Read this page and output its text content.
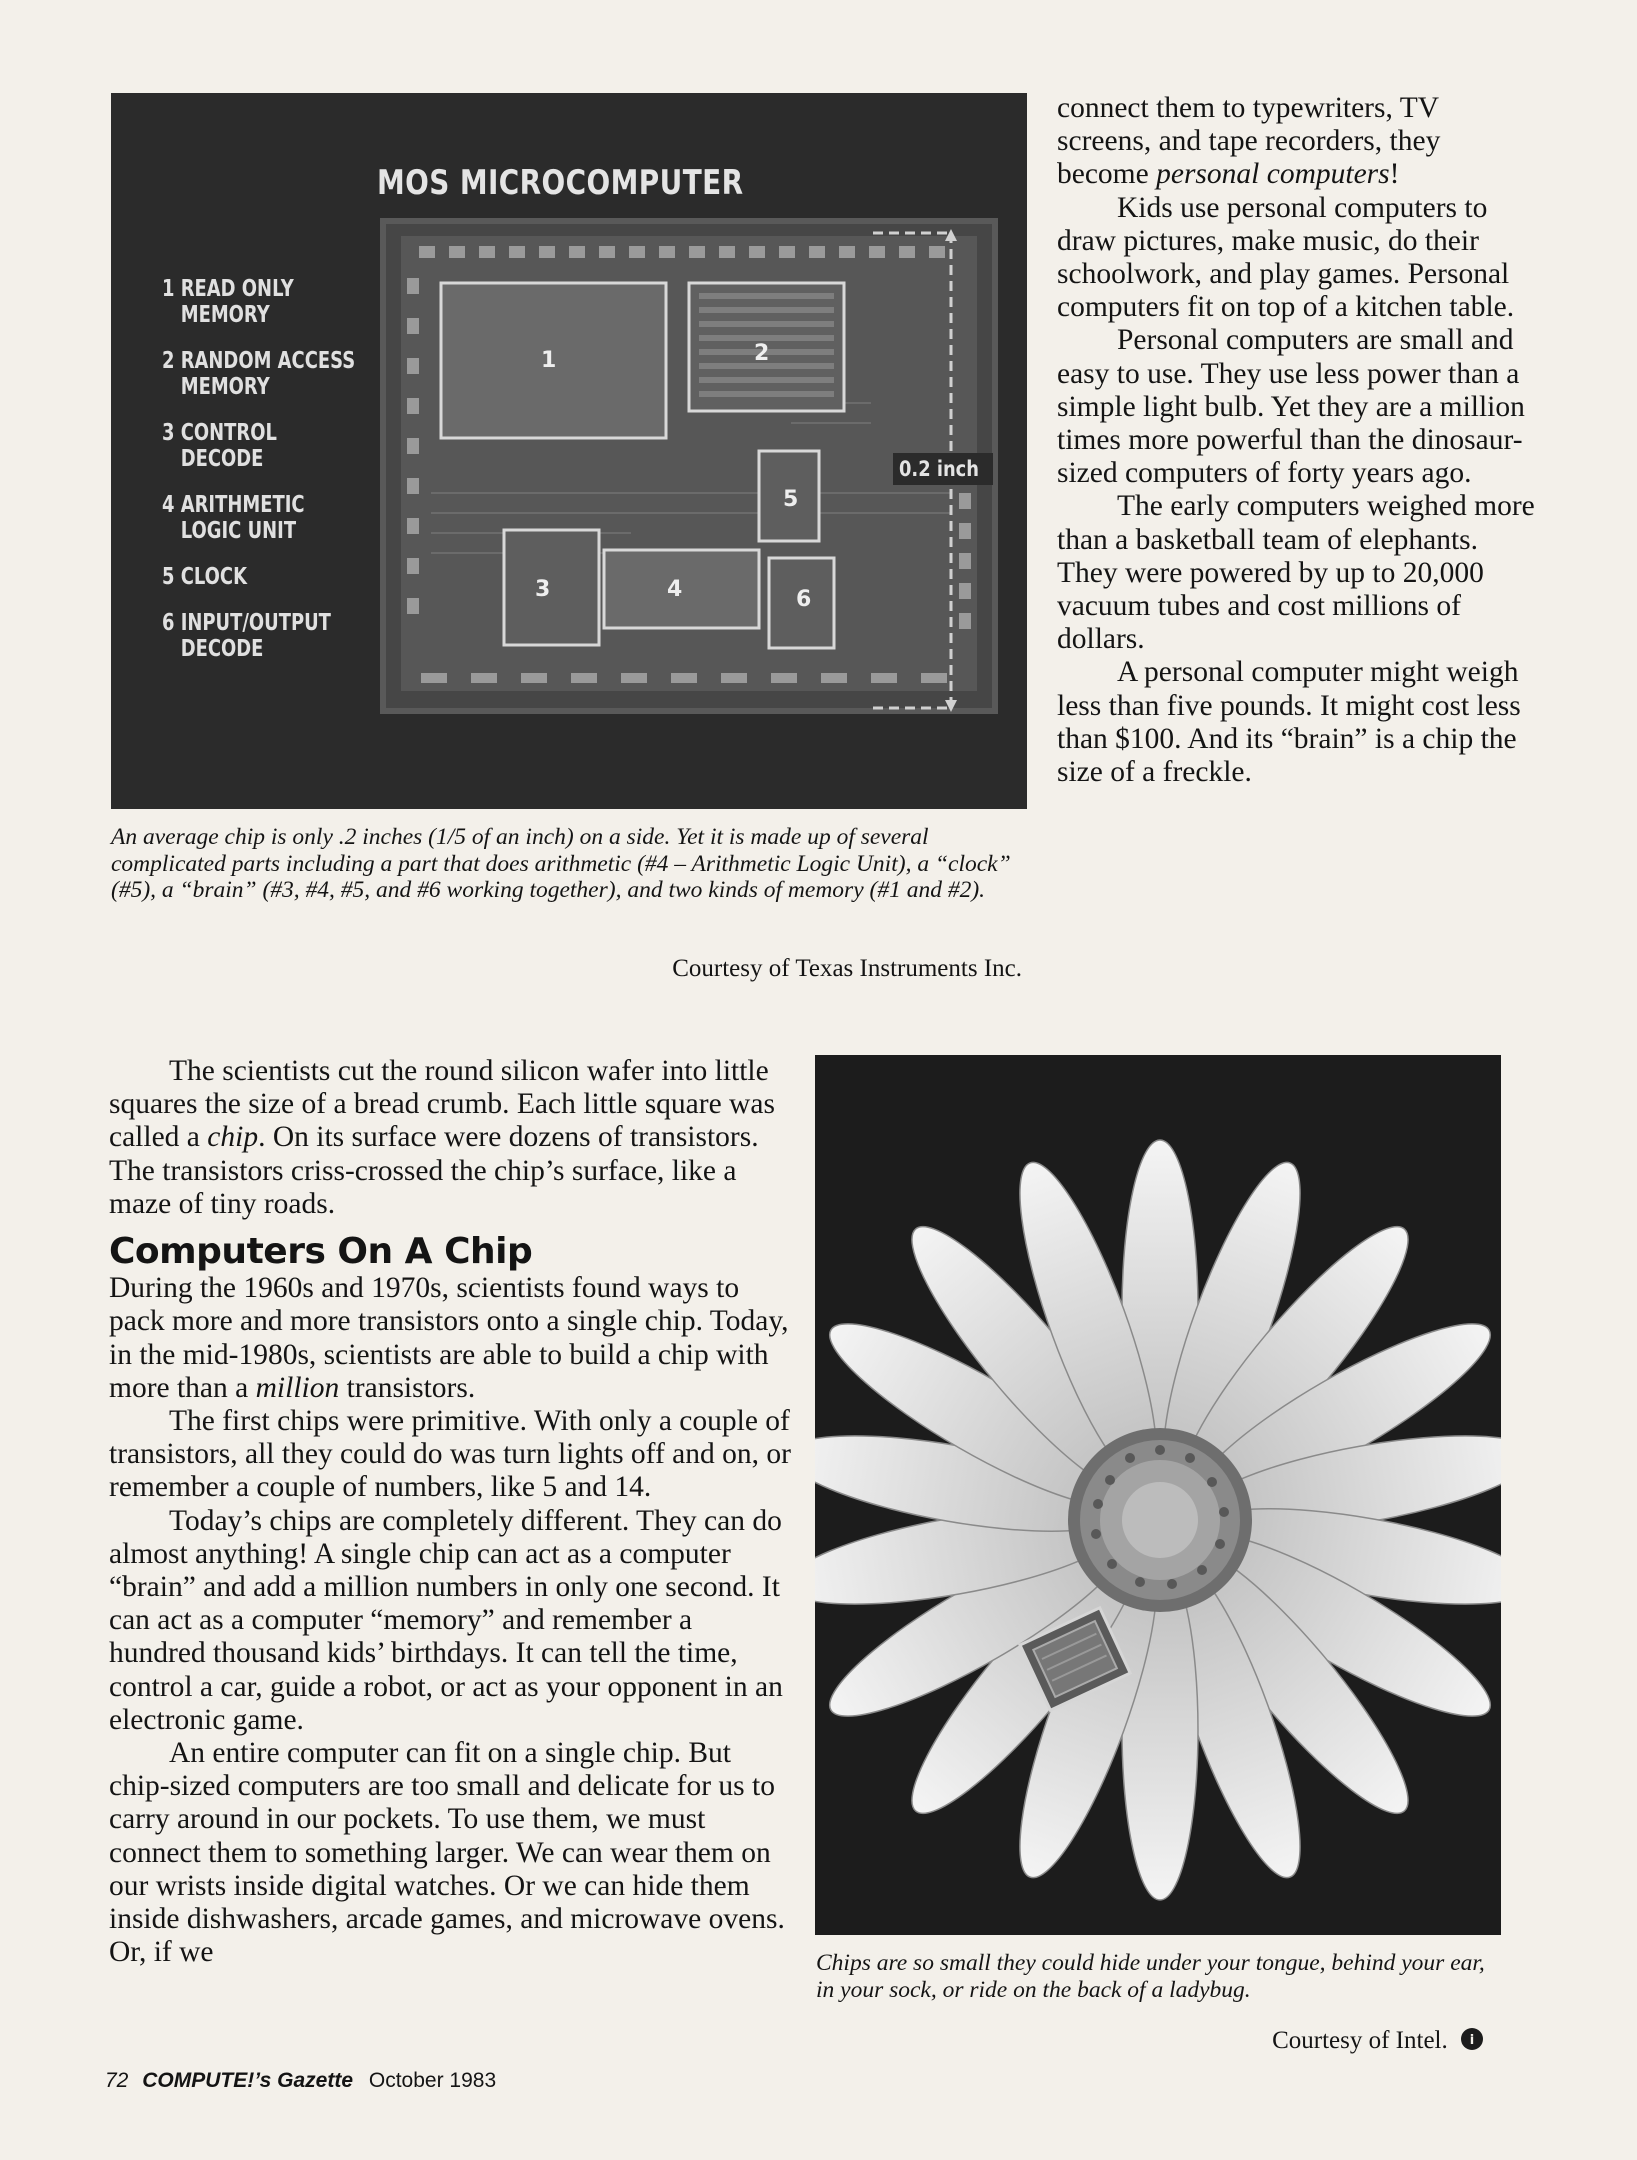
MOS MICROCOMPUTER
1 READ ONLY
MEMORY
2 RANDOM ACCESS
MEMORY
3 CONTROL
DECODE
4 ARITHMETIC
LOGIC UNIT
5 CLOCK
6 INPUT/OUTPUT
DECODE
1	2
3	4
5
6
0.2 inch
An average chip is only .2 inches (1/5 of an inch) on a side. Yet it is made up of several complicated parts including a part that does arithmetic (#4 – Arithmetic Logic Unit), a “clock” (#5), a “brain” (#3, #4, #5, and #6 working together), and two kinds of memory (#1 and #2).
Courtesy of Texas Instruments Inc.

connect them to typewriters, TV screens, and tape recorders, they become personal computers!

Kids use personal computers to draw pictures, make music, do their schoolwork, and play games. Personal computers fit on top of a kitchen table.

Personal computers are small and easy to use. They use less power than a simple light bulb. Yet they are a million times more powerful than the dinosaur-sized computers of forty years ago.

The early computers weighed more than a basketball team of elephants. They were powered by up to 20,000 vacuum tubes and cost millions of dollars.

A personal computer might weigh less than five pounds. It might cost less than $100. And its “brain” is a chip the size of a freckle.

The scientists cut the round silicon wafer into little squares the size of a bread crumb. Each little square was called a chip. On its surface were dozens of transistors. The transistors criss-crossed the chip’s surface, like a maze of tiny roads.

Computers On A Chip

During the 1960s and 1970s, scientists found ways to pack more and more transistors onto a single chip. Today, in the mid-1980s, scientists are able to build a chip with more than a million transistors.

The first chips were primitive. With only a couple of transistors, all they could do was turn lights off and on, or remember a couple of numbers, like 5 and 14.

Today’s chips are completely different. They can do almost anything! A single chip can act as a computer “brain” and add a million numbers in only one second. It can act as a computer “memory” and remember a hundred thousand kids’ birthdays. It can tell the time, control a car, guide a robot, or act as your opponent in an electronic game.

An entire computer can fit on a single chip. But chip-sized computers are too small and delicate for us to carry around in our pockets. To use them, we must connect them to something larger. We can wear them on our wrists inside digital watches. Or we can hide them inside dishwashers, arcade games, and microwave ovens. Or, if we	Chips are so small they could hide under your tongue, behind your ear, in your sock, or ride on the back of a ladybug.
Courtesy of Intel. i
72 COMPUTE!’s Gazette October 1983
